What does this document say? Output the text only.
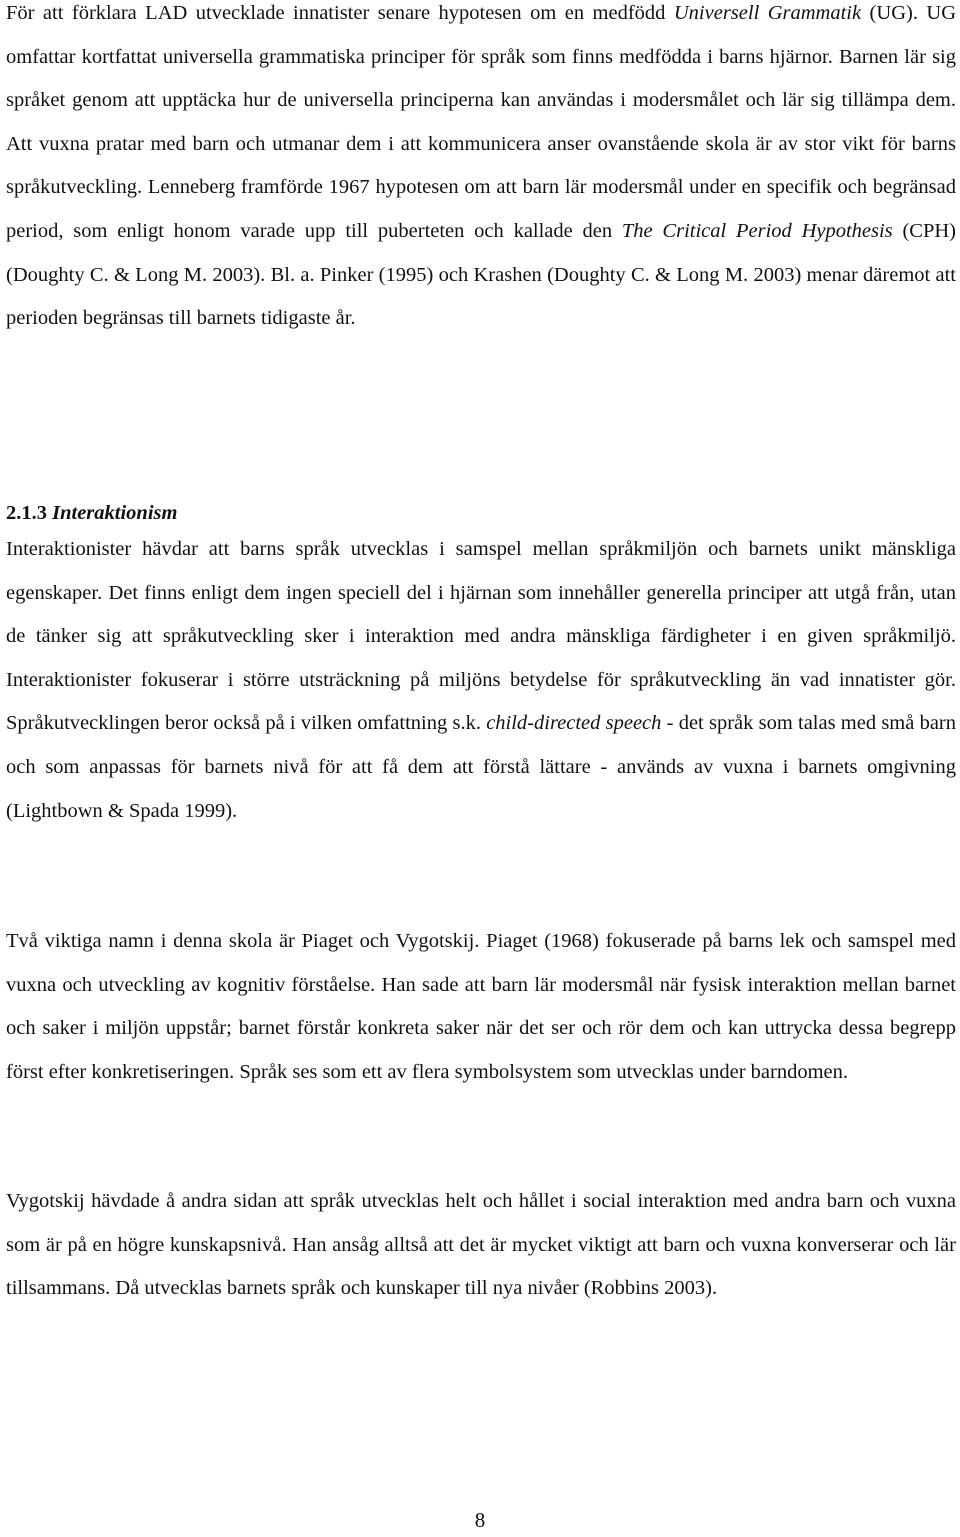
För att förklara LAD utvecklade innatister senare hypotesen om en medfödd Universell Grammatik (UG). UG omfattar kortfattat universella grammatiska principer för språk som finns medfödda i barns hjärnor. Barnen lär sig språket genom att upptäcka hur de universella principerna kan användas i modersmålet och lär sig tillämpa dem. Att vuxna pratar med barn och utmanar dem i att kommunicera anser ovanstående skola är av stor vikt för barns språkutveckling. Lenneberg framförde 1967 hypotesen om att barn lär modersmål under en specifik och begränsad period, som enligt honom varade upp till puberteten och kallade den The Critical Period Hypothesis (CPH) (Doughty C. & Long M. 2003). Bl. a. Pinker (1995) och Krashen (Doughty C. & Long M. 2003) menar däremot att perioden begränsas till barnets tidigaste år.

2.1.3 Interaktionism

Interaktionister hävdar att barns språk utvecklas i samspel mellan språkmiljön och barnets unikt mänskliga egenskaper. Det finns enligt dem ingen speciell del i hjärnan som innehåller generella principer att utgå från, utan de tänker sig att språkutveckling sker i interaktion med andra mänskliga färdigheter i en given språkmiljö. Interaktionister fokuserar i större utsträckning på miljöns betydelse för språkutveckling än vad innatister gör. Språkutvecklingen beror också på i vilken omfattning s.k. child-directed speech - det språk som talas med små barn och som anpassas för barnets nivå för att få dem att förstå lättare - används av vuxna i barnets omgivning (Lightbown & Spada 1999).

Två viktiga namn i denna skola är Piaget och Vygotskij. Piaget (1968) fokuserade på barns lek och samspel med vuxna och utveckling av kognitiv förståelse. Han sade att barn lär modersmål när fysisk interaktion mellan barnet och saker i miljön uppstår; barnet förstår konkreta saker när det ser och rör dem och kan uttrycka dessa begrepp först efter konkretiseringen. Språk ses som ett av flera symbolsystem som utvecklas under barndomen.

Vygotskij hävdade å andra sidan att språk utvecklas helt och hållet i social interaktion med andra barn och vuxna som är på en högre kunskapsnivå. Han ansåg alltså att det är mycket viktigt att barn och vuxna konverserar och lär tillsammans. Då utvecklas barnets språk och kunskaper till nya nivåer (Robbins 2003).

8
